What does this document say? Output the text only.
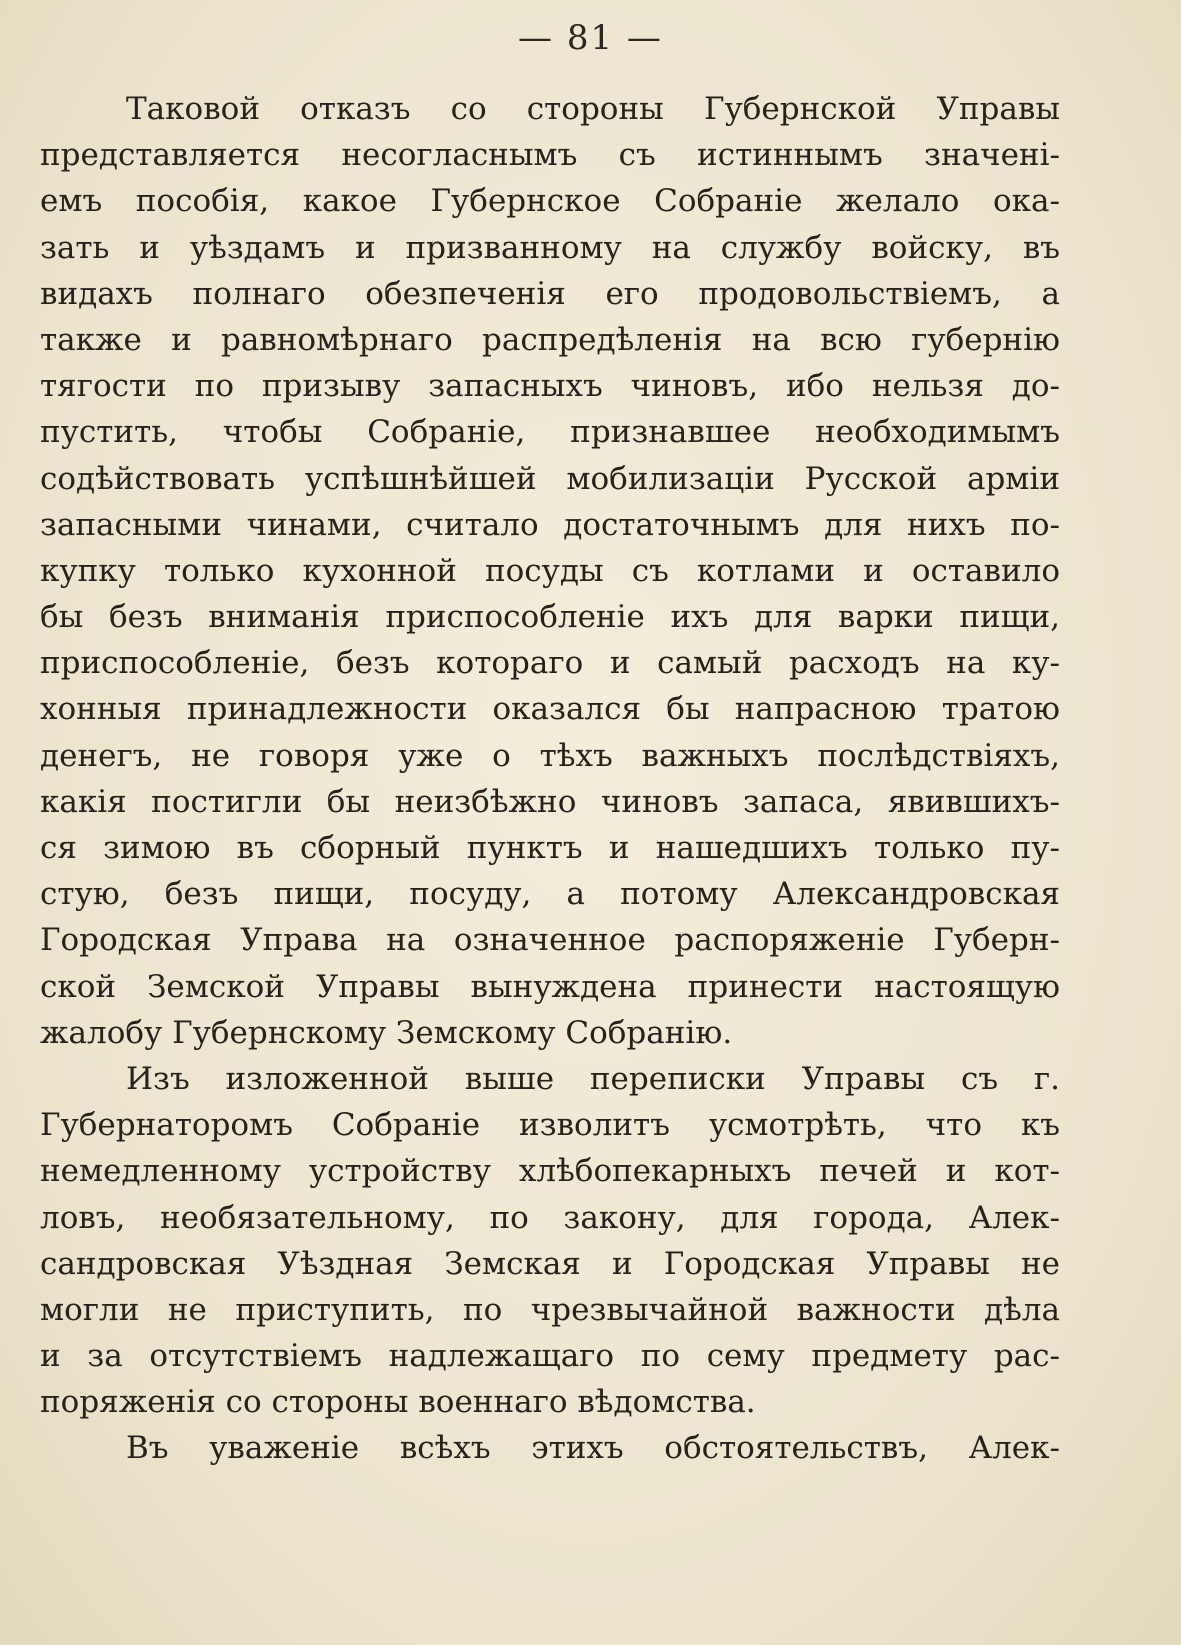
— 81 —
Таковой отказъ со стороны Губернской Управы
представляется несогласнымъ съ истиннымъ значені-
емъ пособія, какое Губернское Собраніе желало ока-
зать и уѣздамъ и призванному на службу войску, въ
видахъ полнаго обезпеченія его продовольствіемъ, а
также и равномѣрнаго распредѣленія на всю губернію
тягости по призыву запасныхъ чиновъ, ибо нельзя до-
пустить, чтобы Собраніе, признавшее необходимымъ
содѣйствовать успѣшнѣйшей мобилизаціи Русской арміи
запасными чинами, считало достаточнымъ для нихъ по-
купку только кухонной посуды съ котлами и оставило
бы безъ вниманія приспособленіе ихъ для варки пищи,
приспособленіе, безъ котораго и самый расходъ на ку-
хонныя принадлежности оказался бы напрасною тратою
денегъ, не говоря уже о тѣхъ важныхъ послѣдствіяхъ,
какія постигли бы неизбѣжно чиновъ запаса, явившихъ-
ся зимою въ сборный пунктъ и нашедшихъ только пу-
стую, безъ пищи, посуду, а потому Александровская
Городская Управа на означенное распоряженіе Губерн-
ской Земской Управы вынуждена принести настоящую
жалобу Губернскому Земскому Собранію.
Изъ изложенной выше переписки Управы съ г.
Губернаторомъ Собраніе изволитъ усмотрѣть, что къ
немедленному устройству хлѣбопекарныхъ печей и кот-
ловъ, необязательному, по закону, для города, Алек-
сандровская Уѣздная Земская и Городская Управы не
могли не приступить, по чрезвычайной важности дѣла
и за отсутствіемъ надлежащаго по сему предмету рас-
поряженія со стороны военнаго вѣдомства.
Въ уваженіе всѣхъ этихъ обстоятельствъ, Алек-
